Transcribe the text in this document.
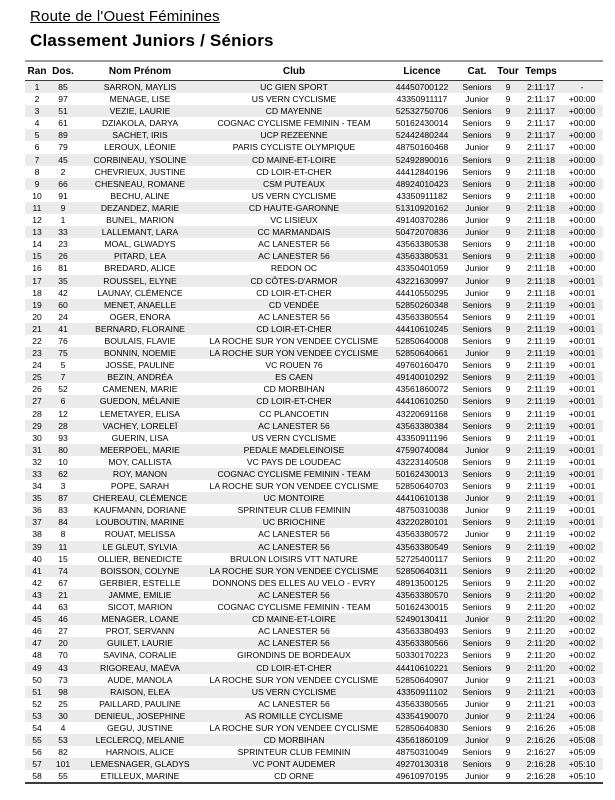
Route de l'Ouest Féminines
Classement Juniors / Séniors
Ran	Dos.	Nom Prénom	Club	Licence	Cat.	Tour	Temps	
1	85	SARRON, MAYLIS	UC GIEN SPORT	44450700122	Seniors	9	2:11:17	-
2	97	MENAGE, LISE	US VERN CYCLISME	43350911117	Junior	9	2:11:17	+00:00
3	51	VEZIE, LAURIE	CD MAYENNE	52532750706	Seniors	9	2:11:17	+00:00
4	61	DZIAKOLA, DARYA	COGNAC CYCLISME FEMININ - TEAM	50162430014	Seniors	9	2:11:17	+00:00
5	89	SACHET, IRIS	UCP REZEENNE	52442480244	Seniors	9	2:11:17	+00:00
6	79	LEROUX, LÉONIE	PARIS CYCLISTE OLYMPIQUE	48750160468	Junior	9	2:11:17	+00:00
7	45	CORBINEAU, YSOLINE	CD MAINE-ET-LOIRE	52492890016	Seniors	9	2:11:18	+00:00
8	2	CHEVRIEUX, JUSTINE	CD LOIR-ET-CHER	44412840196	Seniors	9	2:11:18	+00:00
9	66	CHESNEAU, ROMANE	CSM PUTEAUX	48924010423	Seniors	9	2:11:18	+00:00
10	91	BECHU, ALINE	US VERN CYCLISME	43350911182	Seniors	9	2:11:18	+00:00
11	9	DEZANDEZ, MARIE	CD HAUTE-GARONNE	51310920162	Junior	9	2:11:18	+00:00
12	1	BUNEL, MARION	VC LISIEUX	49140370286	Junior	9	2:11:18	+00:00
13	33	LALLEMANT, LARA	CC MARMANDAIS	50472070836	Junior	9	2:11:18	+00:00
14	23	MOAL, GLWADYS	AC LANESTER 56	43563380538	Seniors	9	2:11:18	+00:00
15	26	PITARD, LEA	AC LANESTER 56	43563380531	Seniors	9	2:11:18	+00:00
16	81	BREDARD, ALICE	REDON OC	43350401059	Junior	9	2:11:18	+00:00
17	35	ROUSSEL, ELYNE	CD CÔTES-D'ARMOR	43221630997	Junior	9	2:11:18	+00:01
18	42	LAUNAY, CLÉMENCE	CD LOIR-ET-CHER	44410550295	Junior	9	2:11:18	+00:01
19	60	MENET, ANAELLE	CD VENDÉE	52850260348	Seniors	9	2:11:19	+00:01
20	24	OGER, ENORA	AC LANESTER 56	43563380554	Seniors	9	2:11:19	+00:01
21	41	BERNARD, FLORAINE	CD LOIR-ET-CHER	44410610245	Seniors	9	2:11:19	+00:01
22	76	BOULAIS, FLAVIE	LA ROCHE SUR YON VENDEE CYCLISME	52850640008	Seniors	9	2:11:19	+00:01
23	75	BONNIN, NOEMIE	LA ROCHE SUR YON VENDEE CYCLISME	52850640661	Junior	9	2:11:19	+00:01
24	5	JOSSE, PAULINE	VC ROUEN 76	49760160470	Seniors	9	2:11:19	+00:01
25	7	BEZIN, ANDRÉA	ES CAEN	49140010292	Seniors	9	2:11:19	+00:01
26	52	CAMENEN, MARIE	CD MORBIHAN	43561860072	Seniors	9	2:11:19	+00:01
27	6	GUEDON, MÉLANIE	CD LOIR-ET-CHER	44410610250	Seniors	9	2:11:19	+00:01
28	12	LEMETAYER, ELISA	CC PLANCOETIN	43220691168	Seniors	9	2:11:19	+00:01
29	28	VACHEY, LORELEÏ	AC LANESTER 56	43563380384	Seniors	9	2:11:19	+00:01
30	93	GUERIN, LISA	US VERN CYCLISME	43350911196	Seniors	9	2:11:19	+00:01
31	80	MEERPOEL, MARIE	PEDALE MADELEINOISE	47590740084	Junior	9	2:11:19	+00:01
32	10	MOY, CALLISTA	VC PAYS DE LOUDEAC	43223140508	Seniors	9	2:11:19	+00:01
33	62	ROY, MANON	COGNAC CYCLISME FEMININ - TEAM	50162430013	Seniors	9	2:11:19	+00:01
34	3	POPE, SARAH	LA ROCHE SUR YON VENDEE CYCLISME	52850640703	Seniors	9	2:11:19	+00:01
35	87	CHEREAU, CLÉMENCE	UC MONTOIRE	44410610138	Junior	9	2:11:19	+00:01
36	83	KAUFMANN, DORIANE	SPRINTEUR CLUB FEMININ	48750310038	Junior	9	2:11:19	+00:01
37	84	LOUBOUTIN, MARINE	UC BRIOCHINE	43220280101	Seniors	9	2:11:19	+00:01
38	8	ROUAT, MELISSA	AC LANESTER 56	43563380572	Junior	9	2:11:19	+00:02
39	11	LE GLEUT, SYLVIA	AC LANESTER 56	43563380549	Seniors	9	2:11:19	+00:02
40	15	OLLIER, BENEDICTE	BRULON LOISIRS VTT NATURE	52725400117	Seniors	9	2:11:20	+00:02
41	74	BOISSON, COLYNE	LA ROCHE SUR YON VENDEE CYCLISME	52850640311	Seniors	9	2:11:20	+00:02
42	67	GERBIER, ESTELLE	DONNONS DES ELLES AU VELO - EVRY	48913500125	Seniors	9	2:11:20	+00:02
43	21	JAMME, EMILIE	AC LANESTER 56	43563380570	Seniors	9	2:11:20	+00:02
44	63	SICOT, MARION	COGNAC CYCLISME FEMININ - TEAM	50162430015	Seniors	9	2:11:20	+00:02
45	46	MENAGER, LOANE	CD MAINE-ET-LOIRE	52490130411	Junior	9	2:11:20	+00:02
46	27	PROT, SERVANN	AC LANESTER 56	43563380493	Seniors	9	2:11:20	+00:02
47	20	GUILET, LAURIE	AC LANESTER 56	43563380566	Seniors	9	2:11:20	+00:02
48	70	SAVINA, CORALIE	GIRONDINS DE BORDEAUX	50330170223	Seniors	9	2:11:20	+00:02
49	43	RIGOREAU, MAËVA	CD LOIR-ET-CHER	44410610221	Seniors	9	2:11:20	+00:02
50	73	AUDE, MANOLA	LA ROCHE SUR YON VENDEE CYCLISME	52850640907	Junior	9	2:11:21	+00:03
51	98	RAISON, ELEA	US VERN CYCLISME	43350911102	Seniors	9	2:11:21	+00:03
52	25	PAILLARD, PAULINE	AC LANESTER 56	43563380565	Junior	9	2:11:21	+00:03
53	30	DENIEUL, JOSEPHINE	AS ROMILLE CYCLISME	43354190070	Junior	9	2:11:24	+00:06
54	4	GEGU, JUSTINE	LA ROCHE SUR YON VENDEE CYCLISME	52850640830	Seniors	9	2:16:26	+05:08
55	53	LECLERCQ, MELANIE	CD MORBIHAN	43561860109	Junior	9	2:16:26	+05:08
56	82	HARNOIS, ALICE	SPRINTEUR CLUB FEMININ	48750310049	Seniors	9	2:16:27	+05:09
57	101	LEMESNAGER, GLADYS	VC PONT AUDEMER	49270130318	Seniors	9	2:16:28	+05:10
58	55	ETILLEUX, MARINE	CD ORNE	49610970195	Junior	9	2:16:28	+05:10
